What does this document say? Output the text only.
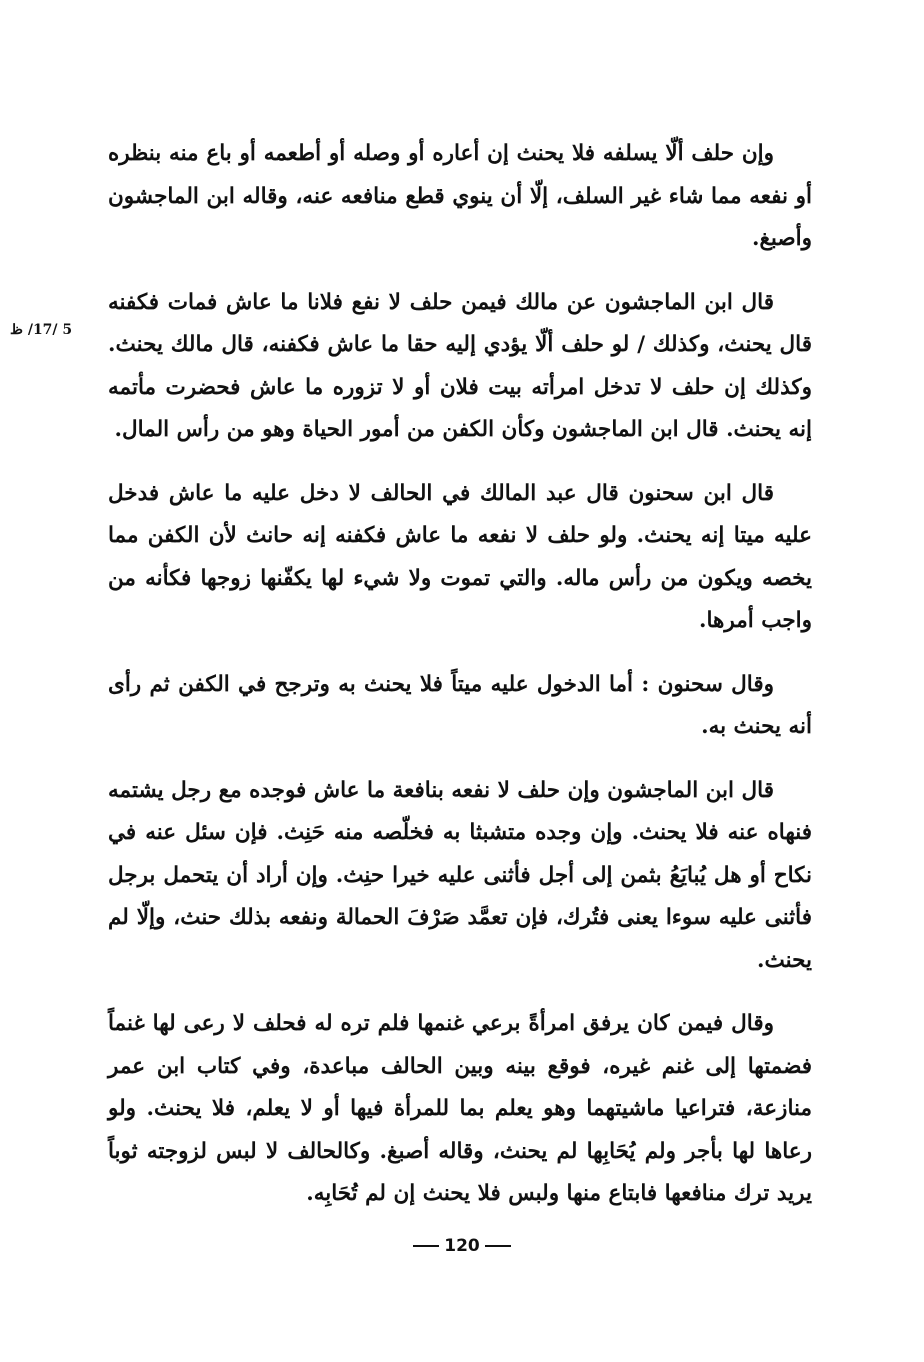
5 /17/ ظ

وإن حلف ألّا يسلفه فلا يحنث إن أعاره أو وصله أو أطعمه أو باع منه بنظره أو نفعه مما شاء غير السلف، إلّا أن ينوي قطع منافعه عنه، وقاله ابن الماجشون وأصبغ.

قال ابن الماجشون عن مالك فيمن حلف لا نفع فلانا ما عاش فمات فكفنه قال يحنث، وكذلك / لو حلف ألّا يؤدي إليه حقا ما عاش فكفنه، قال مالك يحنث. وكذلك إن حلف لا تدخل امرأته بيت فلان أو لا تزوره ما عاش فحضرت مأتمه إنه يحنث. قال ابن الماجشون وكأن الكفن من أمور الحياة وهو من رأس المال.

قال ابن سحنون قال عبد المالك في الحالف لا دخل عليه ما عاش فدخل عليه ميتا إنه يحنث. ولو حلف لا نفعه ما عاش فكفنه إنه حانث لأن الكفن مما يخصه ويكون من رأس ماله. والتي تموت ولا شيء لها يكفّنها زوجها فكأنه من واجب أمرها.

وقال سحنون : أما الدخول عليه ميتاً فلا يحنث به وترجح في الكفن ثم رأى أنه يحنث به.

قال ابن الماجشون وإن حلف لا نفعه بنافعة ما عاش فوجده مع رجل يشتمه فنهاه عنه فلا يحنث. وإن وجده متشبثا به فخلّصه منه حَنِث. فإن سئل عنه في نكاح أو هل يُبايَعُ بثمن إلى أجل فأثنى عليه خيرا حنِث. وإن أراد أن يتحمل برجل فأثنى عليه سوءا يعنى فتُرك، فإن تعمَّد صَرْفَ الحمالة ونفعه بذلك حنث، وإلّا لم يحنث.

وقال فيمن كان يرفق امرأةً برعي غنمها فلم تره له فحلف لا رعى لها غنماً فضمتها إلى غنم غيره، فوقع بينه وبين الحالف مباعدة، وفي كتاب ابن عمر منازعة، فتراعيا ماشيتهما وهو يعلم بما للمرأة فيها أو لا يعلم، فلا يحنث. ولو رعاها لها بأجر ولم يُحَابِها لم يحنث، وقاله أصبغ. وكالحالف لا لبس لزوجته ثوباً يريد ترك منافعها فابتاع منها ولبس فلا يحنث إن لم تُحَابِه.

120
